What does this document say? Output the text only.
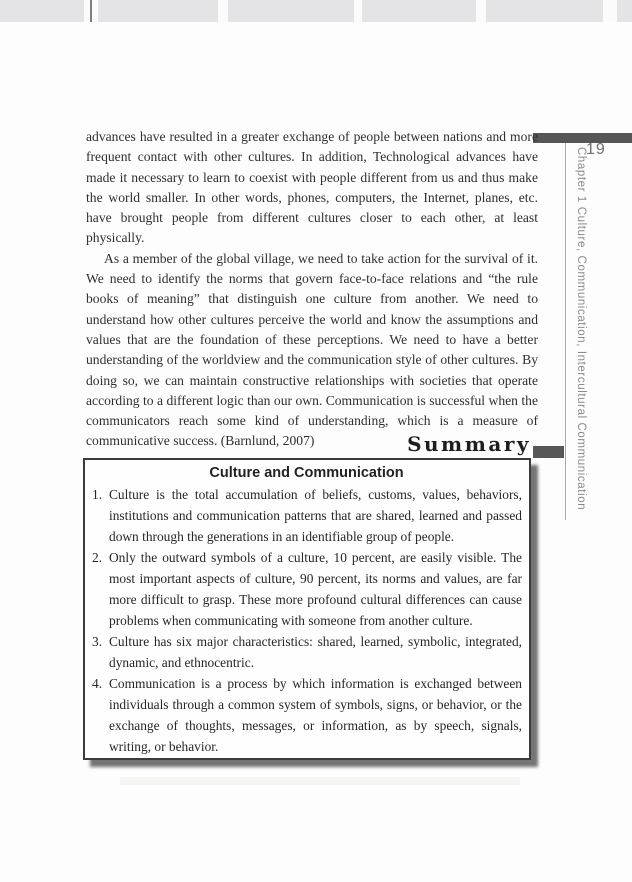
19
Chapter 1 Culture, Communication, Intercultural Communication

advances have resulted in a greater exchange of people between nations and more frequent contact with other cultures. In addition, Technological advances have made it necessary to learn to coexist with people different from us and thus make the world smaller. In other words, phones, computers, the Internet, planes, etc. have brought people from different cultures closer to each other, at least physically.

As a member of the global village, we need to take action for the survival of it. We need to identify the norms that govern face-to-face relations and “the rule books of meaning” that distinguish one culture from another. We need to understand how other cultures perceive the world and know the assumptions and values that are the foundation of these perceptions. We need to have a better understanding of the worldview and the communication style of other cultures. By doing so, we can maintain constructive relationships with societies that operate according to a different logic than our own. Communication is successful when the communicators reach some kind of understanding, which is a measure of communicative success. (Barnlund, 2007)	Summary
Culture and Communication
1. Culture is the total accumulation of beliefs, customs, values, behaviors, institutions and communication patterns that are shared, learned and passed down through the generations in an identifiable group of people.
2. Only the outward symbols of a culture, 10 percent, are easily visible. The most important aspects of culture, 90 percent, its norms and values, are far more difficult to grasp. These more profound cultural differences can cause problems when communicating with someone from another culture.
3. Culture has six major characteristics: shared, learned, symbolic, integrated, dynamic, and ethnocentric.
4. Communication is a process by which information is exchanged between individuals through a common system of symbols, signs, or behavior, or the exchange of thoughts, messages, or information, as by speech, signals, writing, or behavior.
